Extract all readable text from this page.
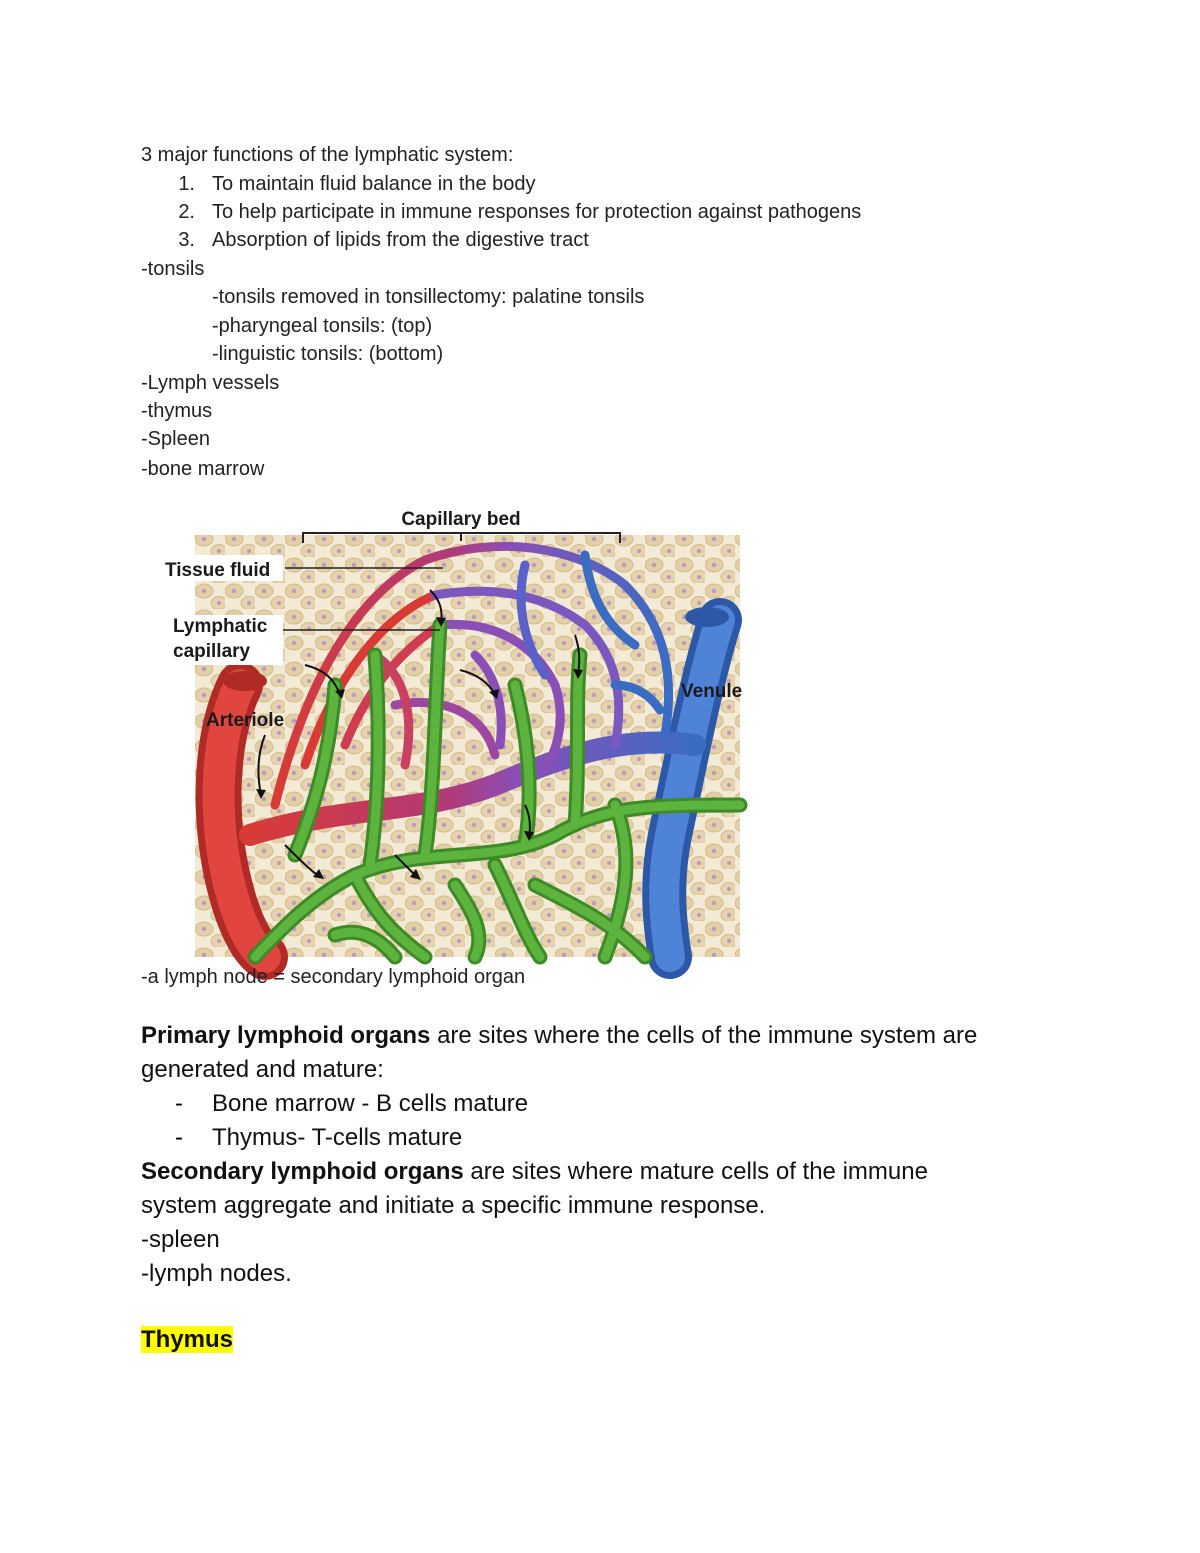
3 major functions of the lymphatic system:
1. To maintain fluid balance in the body
2. To help participate in immune responses for protection against pathogens
3. Absorption of lipids from the digestive tract
-tonsils
-tonsils removed in tonsillectomy: palatine tonsils
-pharyngeal tonsils: (top)
-linguistic tonsils: (bottom)
-Lymph vessels
-thymus
-Spleen
-bone marrow
Capillary bed
Tissue fluid
Lymphatic
capillary
Venule
Arteriole
-a lymph node = secondary lymphoid organ
Primary lymphoid organs are sites where the cells of the immune system are
generated and mature:
- Bone marrow - B cells mature
- Thymus- T-cells mature
Secondary lymphoid organs are sites where mature cells of the immune
system aggregate and initiate a specific immune response.
-spleen
-lymph nodes.
Thymus
